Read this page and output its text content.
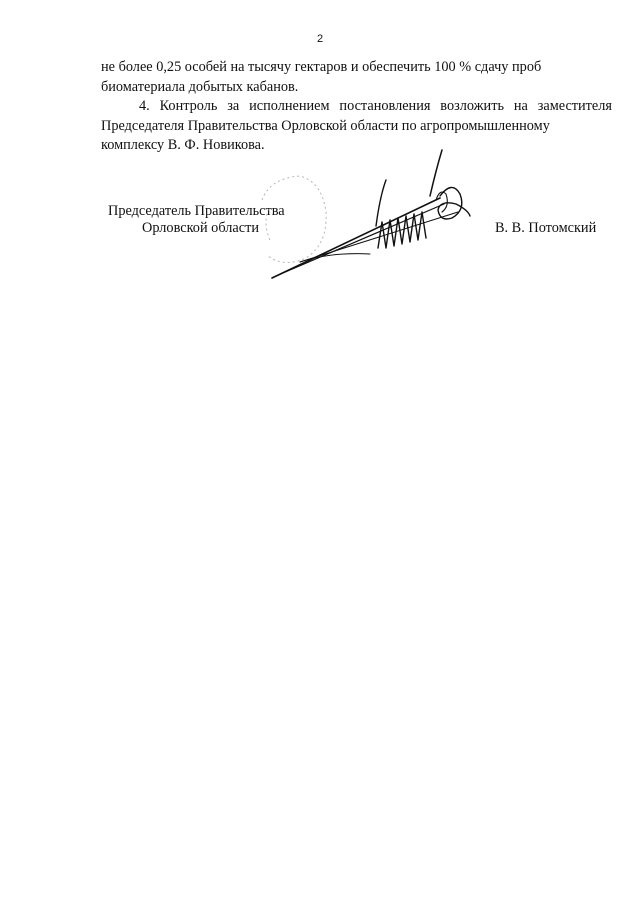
2

не более 0,25 особей на тысячу гектаров и обеспечить 100 % сдачу проб

биоматериала добытых кабанов.

4. Контроль за исполнением постановления возложить на заместителя Председателя Правительства Орловской области по агропромышленному

комплексу В. Ф. Новикова.

Председатель Правительства
Орловской области	В. В. Потомский
